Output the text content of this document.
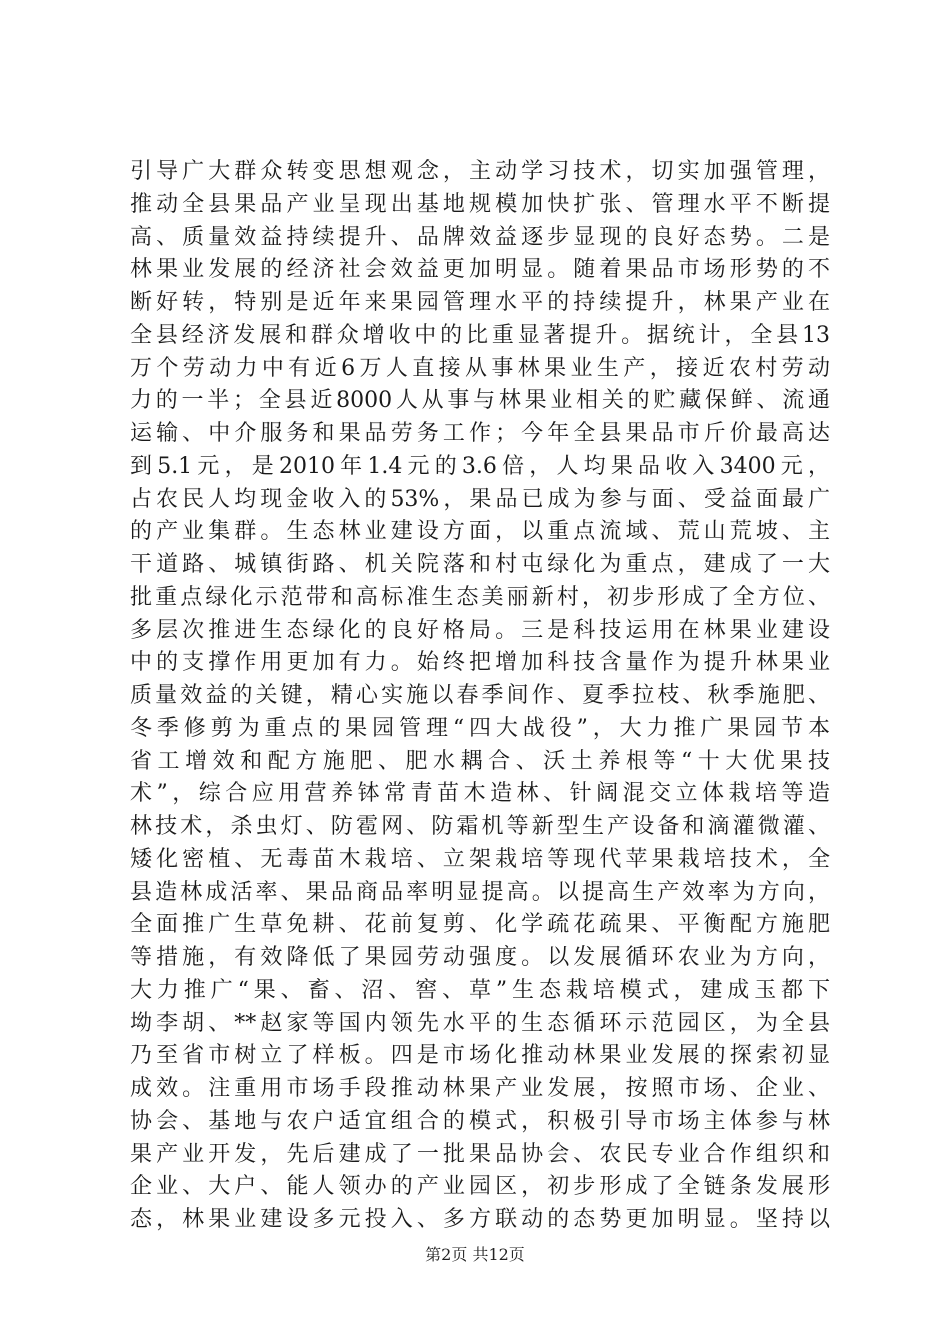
引导广大群众转变思想观念，主动学习技术，切实加强管理，
推动全县果品产业呈现出基地规模加快扩张、管理水平不断提
高、质量效益持续提升、品牌效益逐步显现的良好态势。二是
林果业发展的经济社会效益更加明显。随着果品市场形势的不
断好转，特别是近年来果园管理水平的持续提升，林果产业在
全县经济发展和群众增收中的比重显著提升。据统计，全县13
万个劳动力中有近6万人直接从事林果业生产，接近农村劳动
力的一半；全县近8000人从事与林果业相关的贮藏保鲜、流通
运输、中介服务和果品劳务工作；今年全县果品市斤价最高达
到5.1元，是2010年1.4元的3.6倍，人均果品收入3400元，
占农民人均现金收入的53%，果品已成为参与面、受益面最广
的产业集群。生态林业建设方面，以重点流域、荒山荒坡、主
干道路、城镇街路、机关院落和村屯绿化为重点，建成了一大
批重点绿化示范带和高标准生态美丽新村，初步形成了全方位、
多层次推进生态绿化的良好格局。三是科技运用在林果业建设
中的支撑作用更加有力。始终把增加科技含量作为提升林果业
质量效益的关键，精心实施以春季间作、夏季拉枝、秋季施肥、
冬季修剪为重点的果园管理“四大战役”，大力推广果园节本
省工增效和配方施肥、肥水耦合、沃土养根等“十大优果技
术”，综合应用营养钵常青苗木造林、针阔混交立体栽培等造
林技术，杀虫灯、防雹网、防霜机等新型生产设备和滴灌微灌、
矮化密植、无毒苗木栽培、立架栽培等现代苹果栽培技术，全
县造林成活率、果品商品率明显提高。以提高生产效率为方向，
全面推广生草免耕、花前复剪、化学疏花疏果、平衡配方施肥
等措施，有效降低了果园劳动强度。以发展循环农业为方向，
大力推广“果、畜、沼、窖、草”生态栽培模式，建成玉都下
坳李胡、**赵家等国内领先水平的生态循环示范园区，为全县
乃至省市树立了样板。四是市场化推动林果业发展的探索初显
成效。注重用市场手段推动林果产业发展，按照市场、企业、
协会、基地与农户适宜组合的模式，积极引导市场主体参与林
果产业开发，先后建成了一批果品协会、农民专业合作组织和
企业、大户、能人领办的产业园区，初步形成了全链条发展形
态，林果业建设多元投入、多方联动的态势更加明显。坚持以
第2页 共12页
